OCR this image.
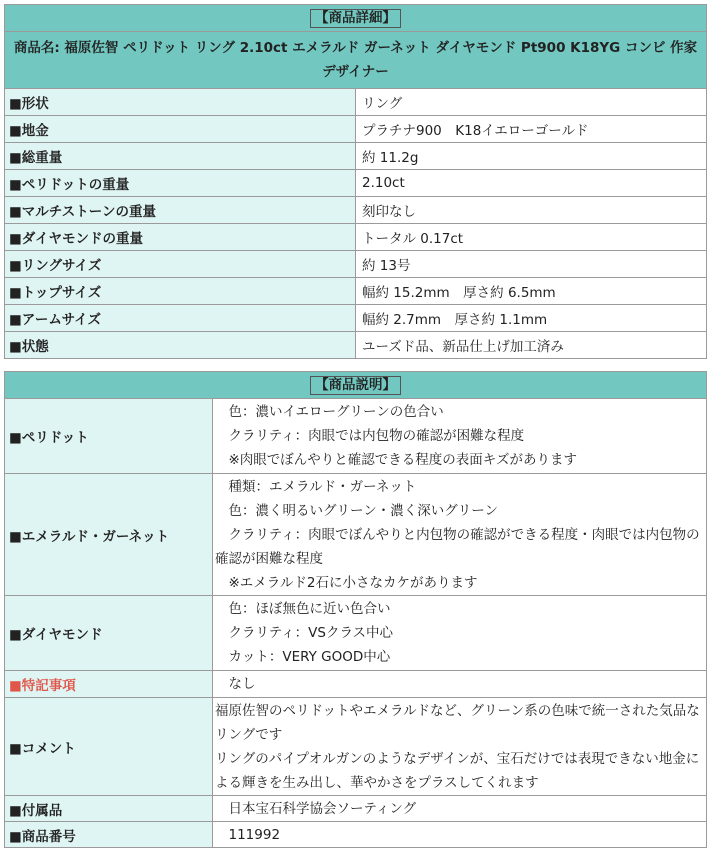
【商品詳細】	
商品名: 福原佐智 ペリドット リング 2.10ct エメラルド ガーネット ダイヤモンド Pt900 K18YG コンビ 作家 デザイナー	
■形状	リング
■地金	プラチナ900　K18イエローゴールド
■総重量	約 11.2g
■ペリドットの重量	2.10ct
■マルチストーンの重量	刻印なし
■ダイヤモンドの重量	トータル 0.17ct
■リングサイズ	約 13号
■トップサイズ	幅約 15.2mm　厚さ約 6.5mm
■アームサイズ	幅約 2.7mm　厚さ約 1.1mm
■状態	ユーズド品、新品仕上げ加工済み
【商品説明】	
■ペリドット	　色：濃いイエローグリーンの色合い
　クラリティ：肉眼では内包物の確認が困難な程度
　※肉眼でぼんやりと確認できる程度の表面キズがあります

■エメラルド・ガーネット	　種類：エメラルド・ガーネット
　色：濃く明るいグリーン・濃く深いグリーン
　クラリティ：肉眼でぼんやりと内包物の確認ができる程度・肉眼では内包物の確認が困難な程度
　※エメラルド2石に小さなカケがあります

■ダイヤモンド	　色：ほぼ無色に近い色合い
　クラリティ：VSクラス中心
　カット：VERY GOOD中心

■特記事項	　なし

■コメント	福原佐智のペリドットやエメラルドなど、グリーン系の色味で統一された気品なリングです
リングのパイプオルガンのようなデザインが、宝石だけでは表現できない地金による輝きを生み出し、華やかさをプラスしてくれます

■付属品	　日本宝石科学協会ソーティング

■商品番号	　111992
